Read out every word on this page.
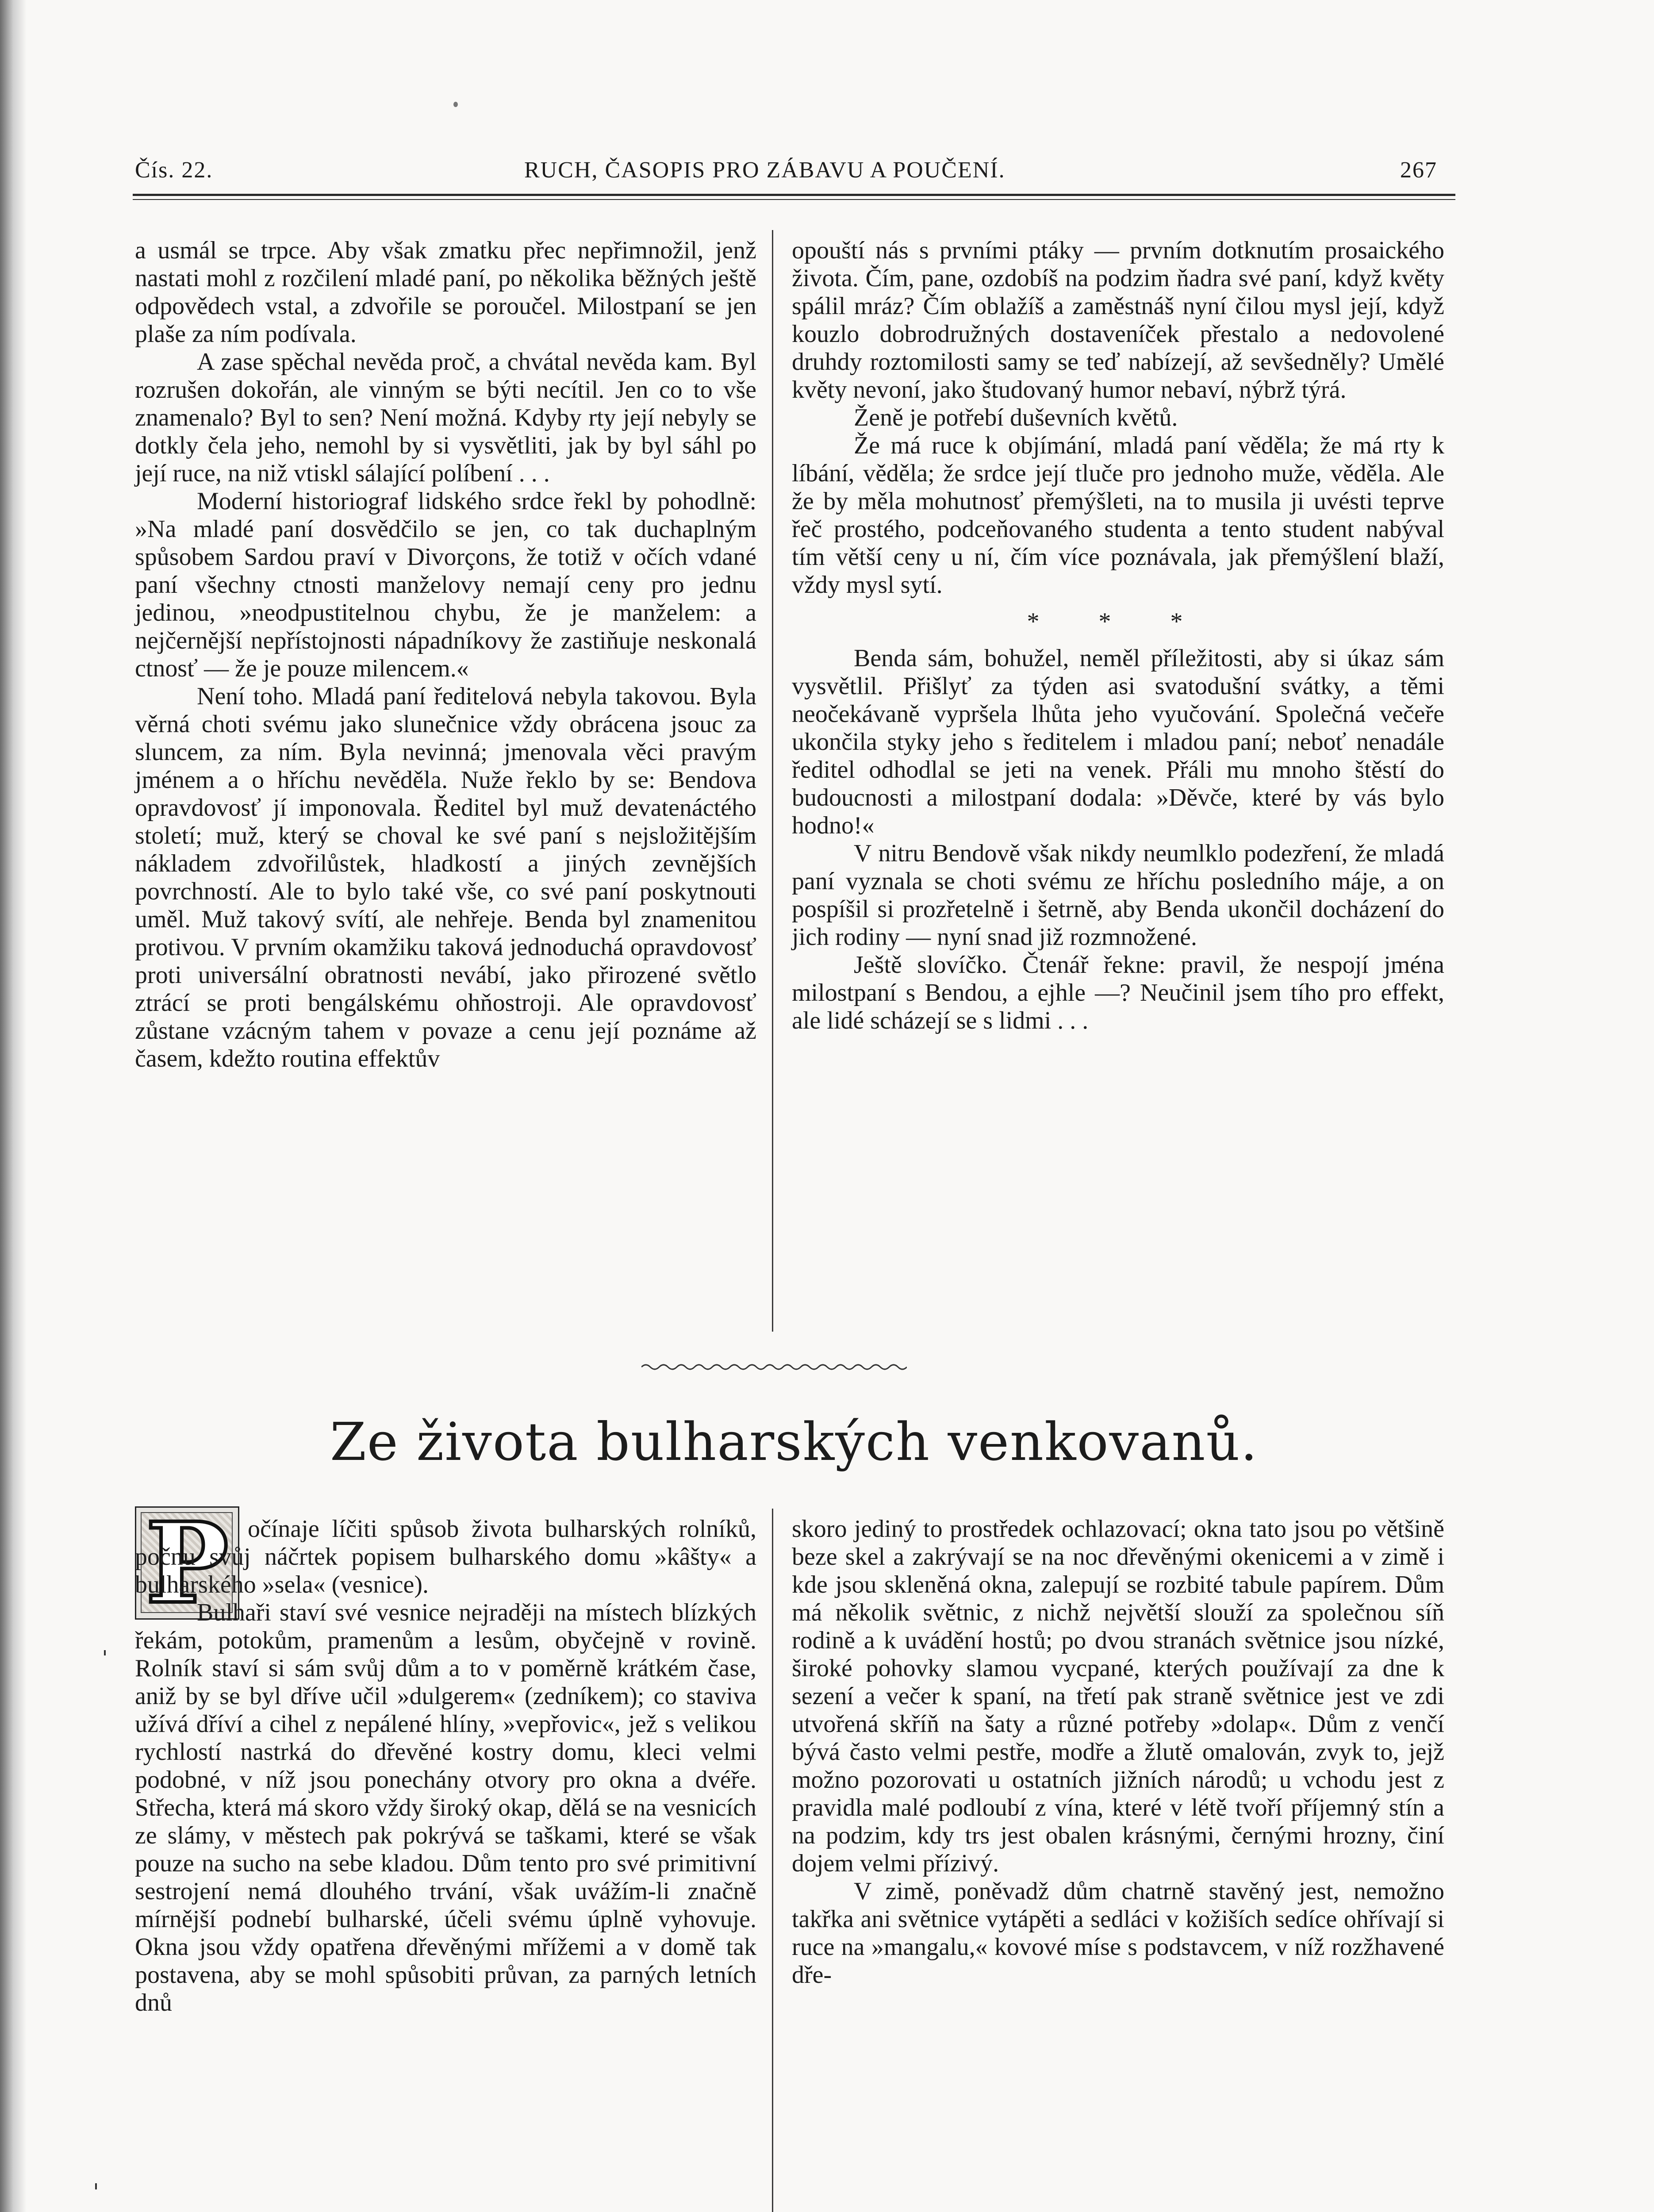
Čís. 22.	RUCH, ČASOPIS PRO ZÁBAVU A POUČENÍ.	267

a usmál se trpce. Aby však zmatku přec nepřimnožil, jenž nastati mohl z rozčilení mladé paní, po několika běžných ještě odpovědech vstal, a zdvořile se poroučel. Milostpaní se jen plaše za ním podívala.

A zase spěchal nevěda proč, a chvátal nevěda kam. Byl rozrušen dokořán, ale vinným se býti necítil. Jen co to vše znamenalo? Byl to sen? Není možná. Kdyby rty její nebyly se dotkly čela jeho, nemohl by si vysvětliti, jak by byl sáhl po její ruce, na niž vtiskl sálající políbení . . .

Moderní historiograf lidského srdce řekl by pohodlně: »Na mladé paní dosvědčilo se jen, co tak duchaplným spůsobem Sardou praví v Divorçons, že totiž v očích vdané paní všechny ctnosti manželovy nemají ceny pro jednu jedinou, »neodpustitelnou chybu, že je manželem: a nejčernější nepřístojnosti nápadníkovy že zastiňuje neskonalá ctnosť — že je pouze milencem.«

Není toho. Mladá paní ředitelová nebyla takovou. Byla věrná choti svému jako slunečnice vždy obrácena jsouc za sluncem, za ním. Byla nevinná; jmenovala věci pravým jménem a o hříchu nevěděla. Nuže řeklo by se: Bendova opravdovosť jí imponovala. Ředitel byl muž devatenáctého století; muž, který se choval ke své paní s nejsložitějším nákladem zdvořilůstek, hladkostí a jiných zevnějších povrchností. Ale to bylo také vše, co své paní poskytnouti uměl. Muž takový svítí, ale nehřeje. Benda byl znamenitou protivou. V prvním okamžiku taková jednoduchá opravdovosť proti universální obratnosti nevábí, jako přirozené světlo ztrácí se proti bengálskému ohňostroji. Ale opravdovosť zůstane vzácným tahem v povaze a cenu její poznáme až časem, kdežto routina effektův

opouští nás s prvními ptáky — prvním dotknutím prosaického života. Čím, pane, ozdobíš na podzim ňadra své paní, když květy spálil mráz? Čím oblažíš a zaměstnáš nyní čilou mysl její, když kouzlo dobrodružných dostaveníček přestalo a nedovolené druhdy roztomilosti samy se teď nabízejí, až sevšedněly? Umělé květy nevoní, jako študovaný humor nebaví, nýbrž týrá.

Ženě je potřebí duševních květů.

Že má ruce k objímání, mladá paní věděla; že má rty k líbání, věděla; že srdce její tluče pro jednoho muže, věděla. Ale že by měla mohutnosť přemýšleti, na to musila ji uvésti teprve řeč prostého, podceňovaného studenta a tento student nabýval tím větší ceny u ní, čím více poznávala, jak přemýšlení blaží, vždy mysl sytí.

* * *

Benda sám, bohužel, neměl příležitosti, aby si úkaz sám vysvětlil. Přišlyť za týden asi svatodušní svátky, a těmi neočekávaně vypršela lhůta jeho vyučování. Společná večeře ukončila styky jeho s ředitelem i mladou paní; neboť nenadále ředitel odhodlal se jeti na venek. Přáli mu mnoho štěstí do budoucnosti a milostpaní dodala: »Děvče, které by vás bylo hodno!«

V nitru Bendově však nikdy neumlklo podezření, že mladá paní vyznala se choti svému ze hříchu posledního máje, a on pospíšil si prozřetelně i šetrně, aby Benda ukončil docházení do jich rodiny — nyní snad již rozmnožené.

Ještě slovíčko. Čtenář řekne: pravil, že nespojí jména milostpaní s Bendou, a ejhle —? Neučinil jsem tího pro effekt, ale lidé scházejí se s lidmi . . .

Ze života bulharských venkovanů.
P očínaje líčiti spůsob života bulharských rolníků, počnu svůj náčrtek popisem bulharského domu »kâšty« a bulharského »sela« (vesnice).

Bulhaři staví své vesnice nejraději na místech blízkých řekám, potokům, pramenům a lesům, obyčejně v rovině. Rolník staví si sám svůj dům a to v poměrně krátkém čase, aniž by se byl dříve učil »dulgerem« (zedníkem); co staviva užívá dříví a cihel z nepálené hlíny, »vepřovic«, jež s velikou rychlostí nastrká do dřevěné kostry domu, kleci velmi podobné, v níž jsou ponechány otvory pro okna a dvéře. Střecha, která má skoro vždy široký okap, dělá se na vesnicích ze slámy, v městech pak pokrývá se taškami, které se však pouze na sucho na sebe kladou. Dům tento pro své primitivní sestrojení nemá dlouhého trvání, však uvážím-li značně mírnější podnebí bulharské, účeli svému úplně vyhovuje. Okna jsou vždy opatřena dřevěnými mřížemi a v domě tak postavena, aby se mohl spůsobiti průvan, za parných letních dnů

skoro jediný to prostředek ochlazovací; okna tato jsou po většině beze skel a zakrývají se na noc dřevěnými okenicemi a v zimě i kde jsou skleněná okna, zalepují se rozbité tabule papírem. Dům má několik světnic, z nichž největší slouží za společnou síň rodině a k uvádění hostů; po dvou stranách světnice jsou nízké, široké pohovky slamou vycpané, kterých používají za dne k sezení a večer k spaní, na třetí pak straně světnice jest ve zdi utvořená skříň na šaty a různé potřeby »dolap«. Dům z venčí bývá často velmi pestře, modře a žlutě omalován, zvyk to, jejž možno pozorovati u ostatních jižních národů; u vchodu jest z pravidla malé podloubí z vína, které v létě tvoří příjemný stín a na podzim, kdy trs jest obalen krásnými, černými hrozny, činí dojem velmi přízivý.

V zimě, poněvadž dům chatrně stavěný jest, nemožno takřka ani světnice vytápěti a sedláci v kožiších sedíce ohřívají si ruce na »mangalu,« kovové míse s podstavcem, v níž rozžhavené dře-
